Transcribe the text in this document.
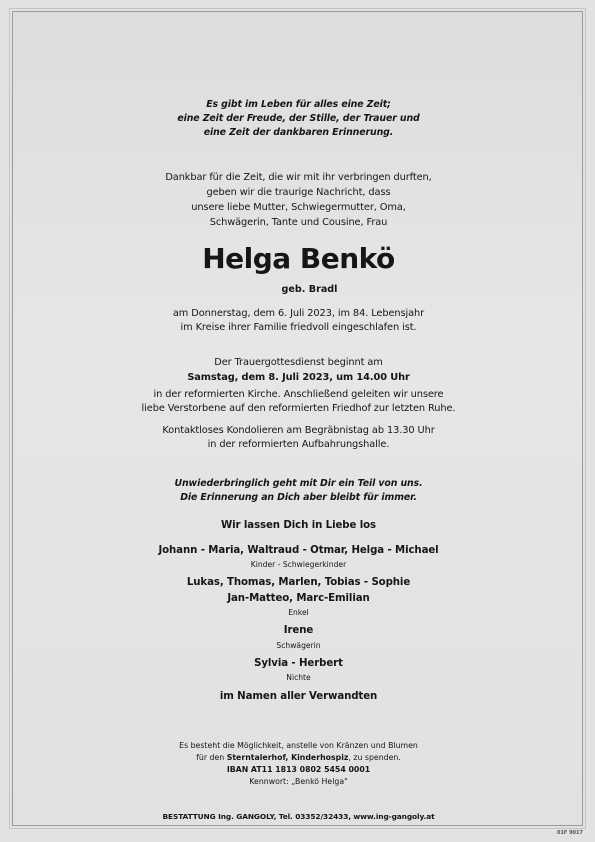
Es gibt im Leben für alles eine Zeit;
eine Zeit der Freude, der Stille, der Trauer und
eine Zeit der dankbaren Erinnerung.
Dankbar für die Zeit, die wir mit ihr verbringen durften,
geben wir die traurige Nachricht, dass
unsere liebe Mutter, Schwiegermutter, Oma,
Schwägerin, Tante und Cousine, Frau
Helga Benkö
geb. Bradl
am Donnerstag, dem 6. Juli 2023, im 84. Lebensjahr
im Kreise ihrer Familie friedvoll eingeschlafen ist.
Der Trauergottesdienst beginnt am
Samstag, dem 8. Juli 2023, um 14.00 Uhr
in der reformierten Kirche. Anschließend geleiten wir unsere
liebe Verstorbene auf den reformierten Friedhof zur letzten Ruhe.
Kontaktloses Kondolieren am Begräbnistag ab 13.30 Uhr
in der reformierten Aufbahrungshalle.
Unwiederbringlich geht mit Dir ein Teil von uns.
Die Erinnerung an Dich aber bleibt für immer.
Wir lassen Dich in Liebe los
Johann - Maria, Waltraud - Otmar, Helga - Michael
Kinder - Schwiegerkinder
Lukas, Thomas, Marlen, Tobias - Sophie
Jan-Matteo, Marc-Emilian
Enkel
Irene
Schwägerin
Sylvia - Herbert
Nichte
im Namen aller Verwandten
Es besteht die Möglichkeit, anstelle von Kränzen und Blumen
für den Sterntalerhof, Kinderhospiz, zu spenden.
IBAN AT11 1813 0802 5454 0001
Kennwort: „Benkö Helga"
BESTATTUNG Ing. GANGOLY, Tel. 03352/32433, www.ing-gangoly.at
01F 9017
